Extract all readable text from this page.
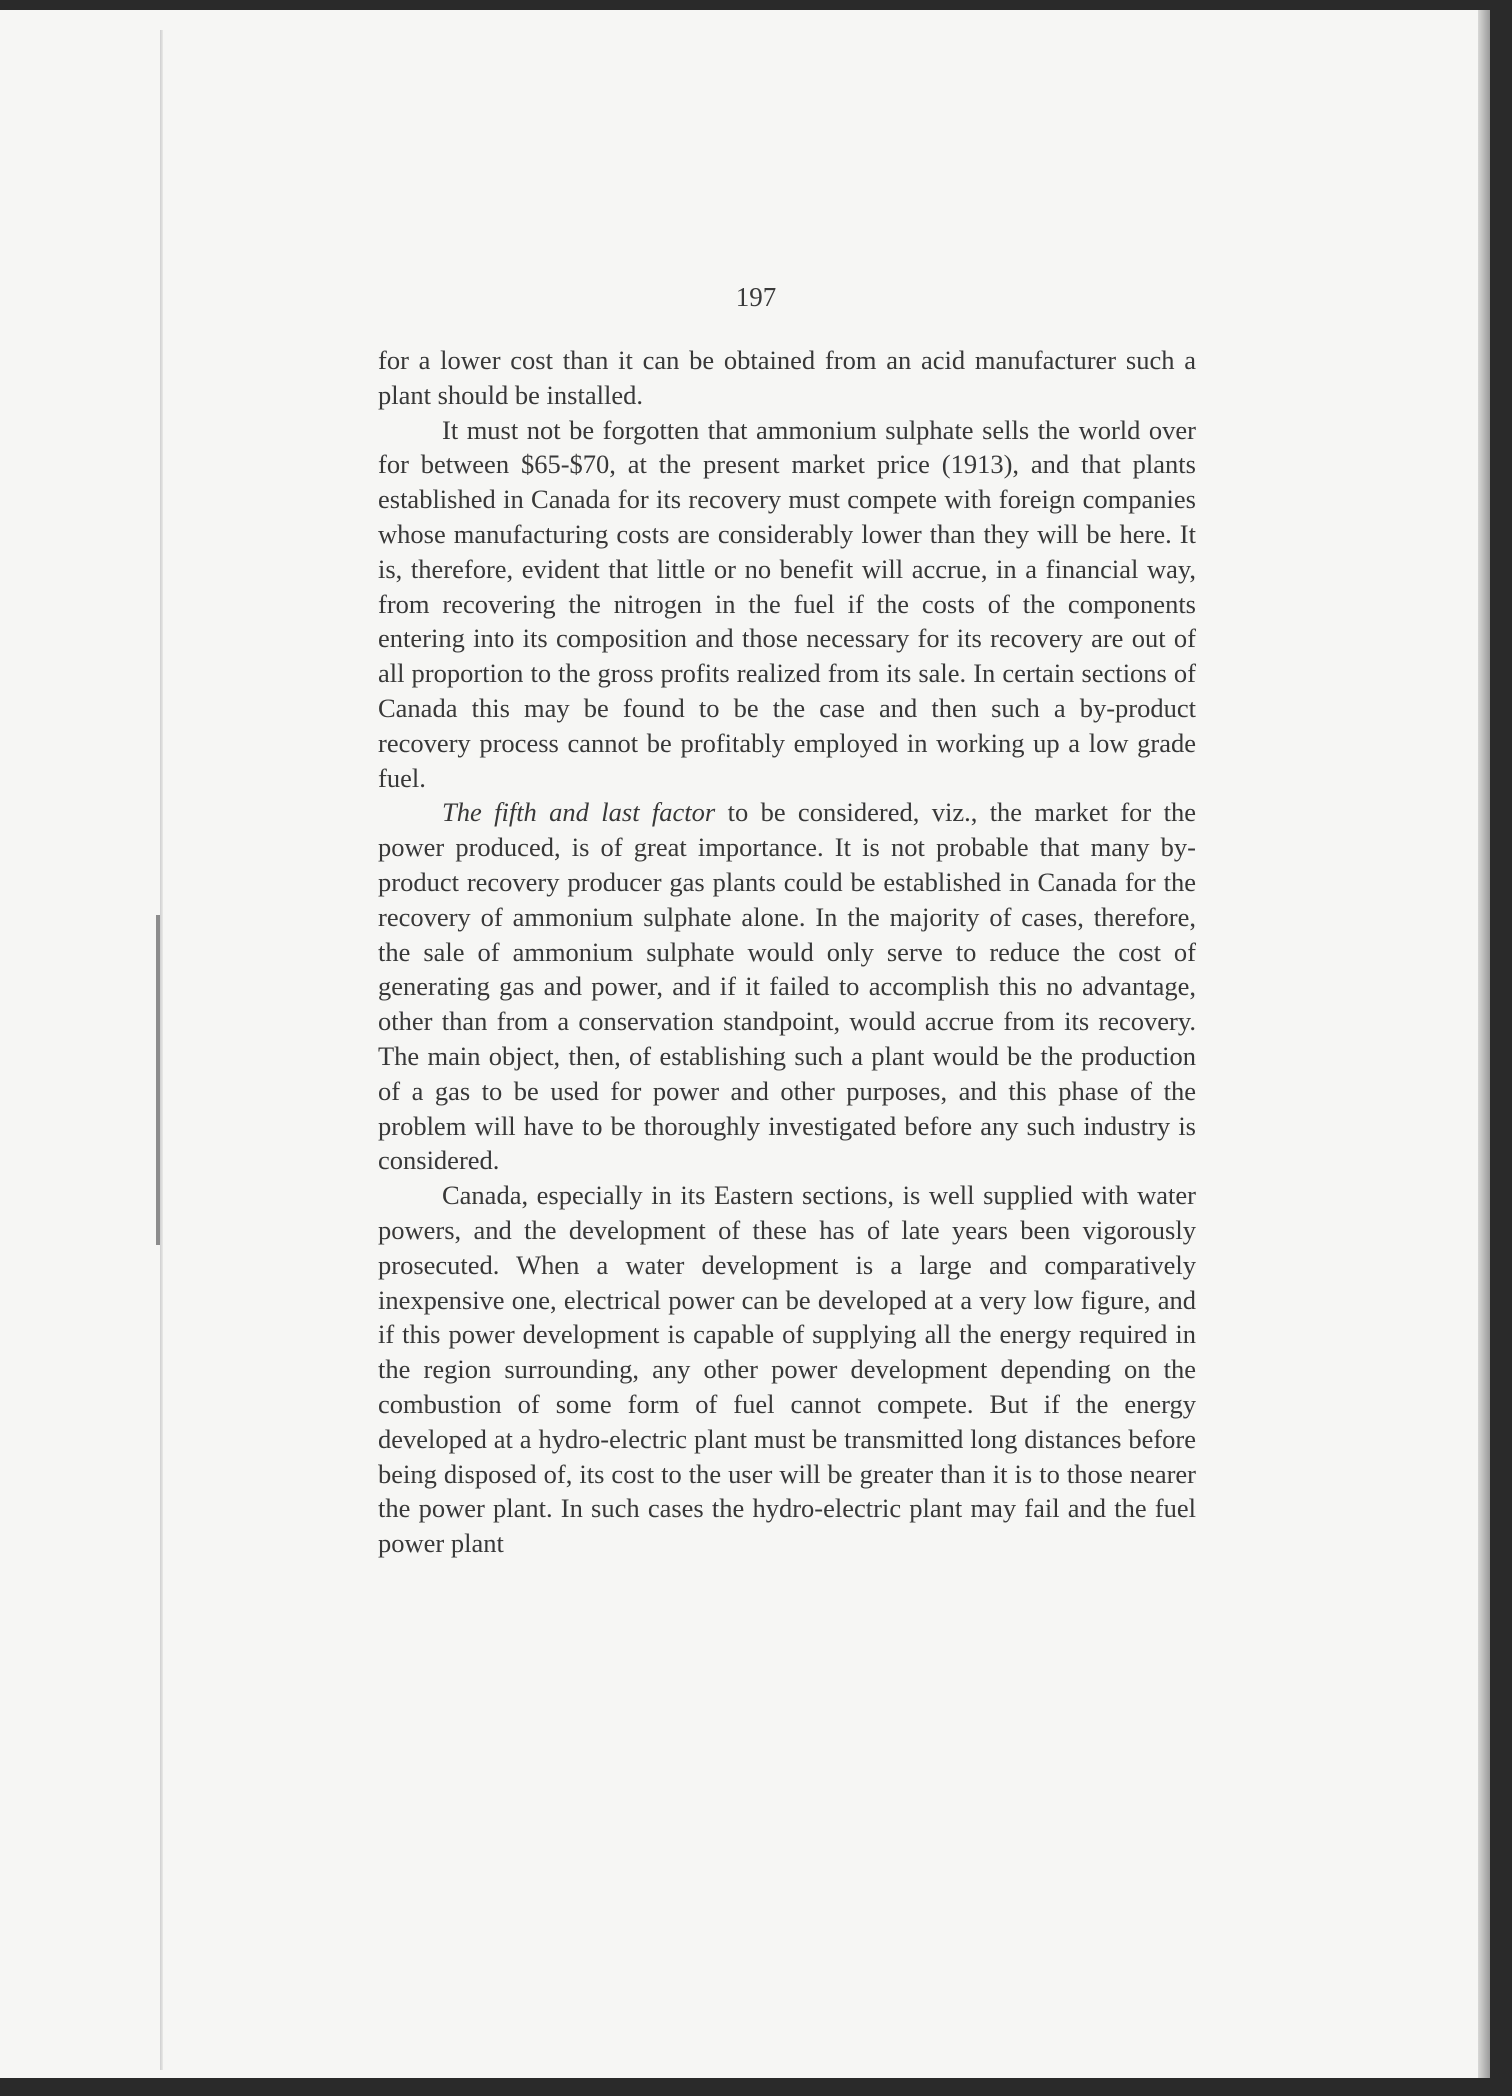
197

for a lower cost than it can be obtained from an acid manufacturer such a plant should be installed.

It must not be forgotten that ammonium sulphate sells the world over for between $65-$70, at the present market price (1913), and that plants established in Canada for its recovery must compete with foreign companies whose manufacturing costs are considerably lower than they will be here. It is, therefore, evident that little or no benefit will accrue, in a financial way, from recovering the nitrogen in the fuel if the costs of the components entering into its composition and those necessary for its recovery are out of all proportion to the gross profits realized from its sale. In certain sections of Canada this may be found to be the case and then such a by-product recovery process cannot be profitably employed in working up a low grade fuel.

The fifth and last factor to be considered, viz., the market for the power produced, is of great importance. It is not probable that many by-product recovery producer gas plants could be established in Canada for the recovery of ammonium sulphate alone. In the majority of cases, therefore, the sale of ammonium sulphate would only serve to reduce the cost of generating gas and power, and if it failed to accomplish this no advantage, other than from a conservation standpoint, would accrue from its recovery. The main object, then, of establishing such a plant would be the production of a gas to be used for power and other purposes, and this phase of the problem will have to be thoroughly investigated before any such industry is considered.

Canada, especially in its Eastern sections, is well supplied with water powers, and the development of these has of late years been vigorously prosecuted. When a water development is a large and comparatively inexpensive one, electrical power can be developed at a very low figure, and if this power development is capable of supplying all the energy required in the region surrounding, any other power development depending on the combustion of some form of fuel cannot compete. But if the energy developed at a hydro-electric plant must be transmitted long distances before being disposed of, its cost to the user will be greater than it is to those nearer the power plant. In such cases the hydro-electric plant may fail and the fuel power plant
